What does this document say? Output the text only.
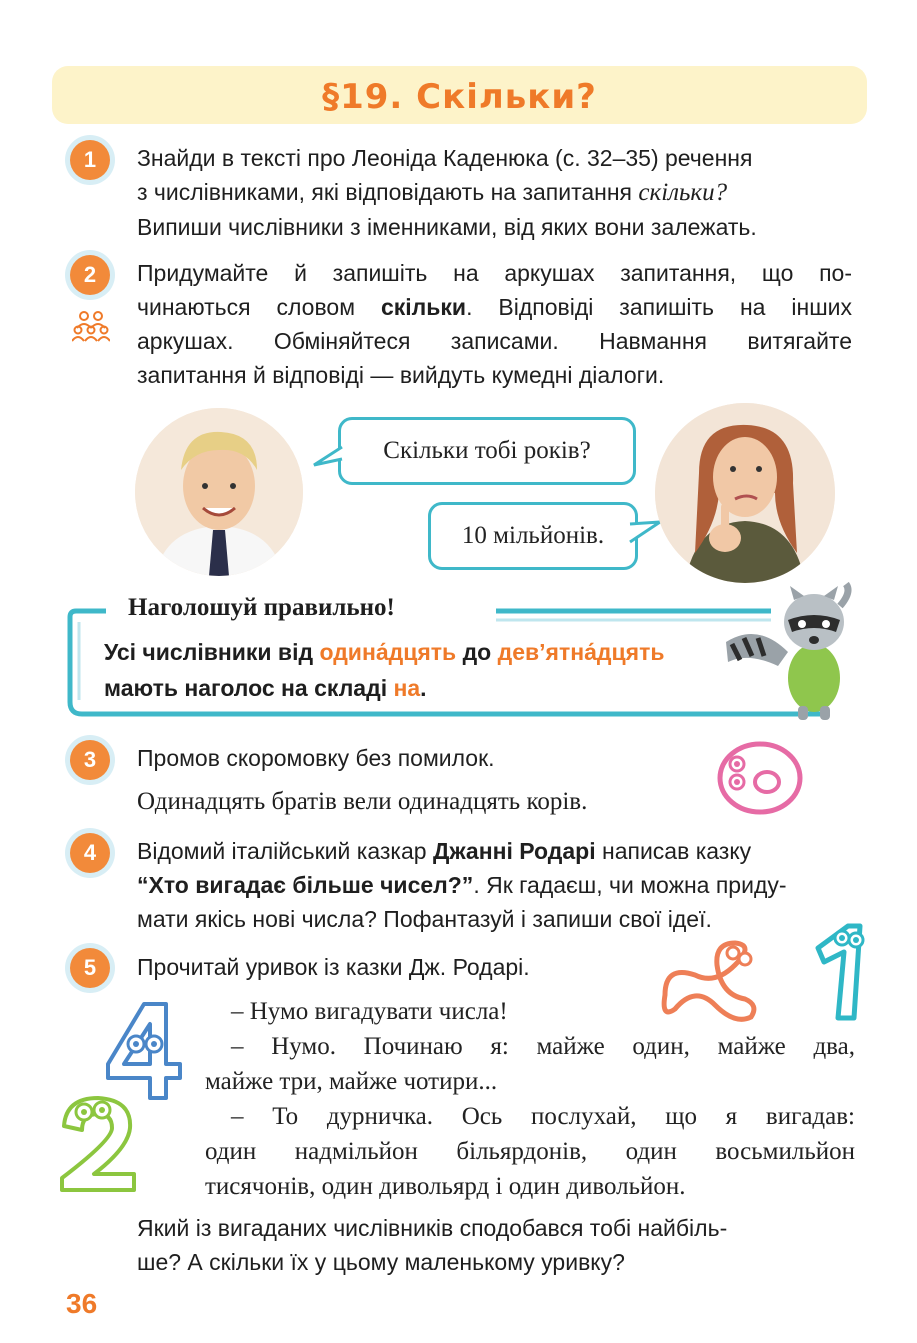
§19. Скільки?
1	Знайди в тексті про Леоніда Каденюка (с. 32–35) речення
з числівниками, які відповідають на запитання скільки?
Випиши числівники з іменниками, від яких вони залежать.
2	Придумайте й запишіть на аркушах запитання, що по-
чинаються словом скільки. Відповіді запишіть на інших
аркушах. Обміняйтеся записами. Навмання витягайте
запитання й відповіді — вийдуть кумедні діалоги.
Скільки тобі років?
10 мільйонів.
Наголошуй правильно!
Усі числівники від одина́дцять до дев’ятна́дцять
мають наголос на складі на.
3	Промов скоромовку без помилок.
Одинадцять братів вели одинадцять корів.
4	Відомий італійський казкар Джанні Родарі написав казку
“Хто вигадає більше чисел?”. Як гадаєш, чи можна приду-
мати якісь нові числа? Пофантазуй і запиши свої ідеї.
5	Прочитай уривок із казки Дж. Родарі.
– Нумо вигадувати числа!
– Нумо. Починаю я: майже один, майже два,
майже три, майже чотири...
– То дурничка. Ось послухай, що я вигадав:
один надмільйон більярдонів, один восьмильйон
тисячонів, один дивольярд і один дивольйон.
Який із вигаданих числівників сподобався тобі найбіль-
ше? А скільки їх у цьому маленькому уривку?
36
